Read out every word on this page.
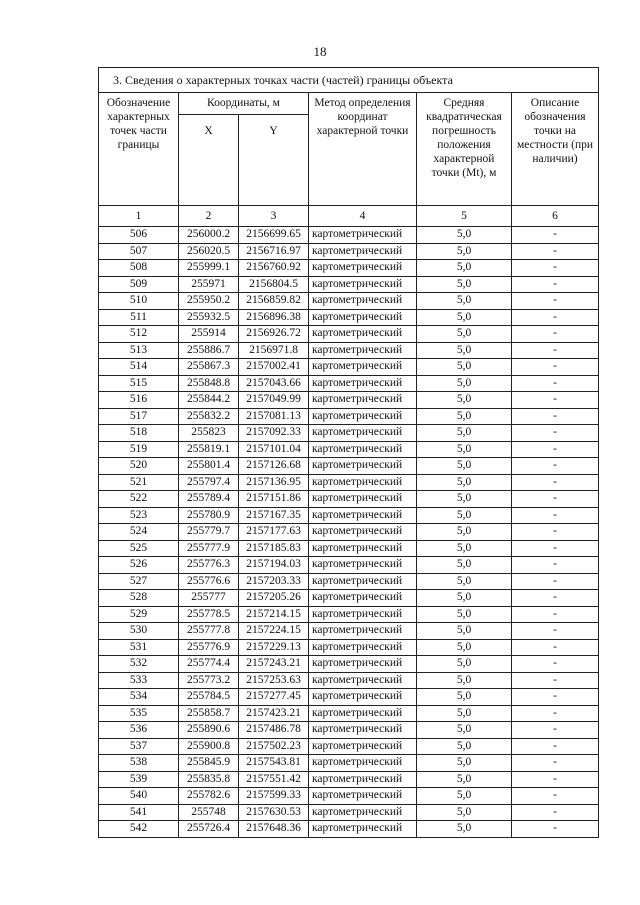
18
3. Сведения о характерных точках части (частей) границы объекта					
Обозначение характерных точек части границы	Координаты, м		Метод определения координат характерной точки	Средняя квадратическая погрешность положения характерной точки (Mt), м	Описание обозначения точки на местности (при наличии)
	X	Y			
1	2	3	4	5	6
506	256000.2	2156699.65	картометрический	5,0	-
507	256020.5	2156716.97	картометрический	5,0	-
508	255999.1	2156760.92	картометрический	5,0	-
509	255971	2156804.5	картометрический	5,0	-
510	255950.2	2156859.82	картометрический	5,0	-
511	255932.5	2156896.38	картометрический	5,0	-
512	255914	2156926.72	картометрический	5,0	-
513	255886.7	2156971.8	картометрический	5,0	-
514	255867.3	2157002.41	картометрический	5,0	-
515	255848.8	2157043.66	картометрический	5,0	-
516	255844.2	2157049.99	картометрический	5,0	-
517	255832.2	2157081.13	картометрический	5,0	-
518	255823	2157092.33	картометрический	5,0	-
519	255819.1	2157101.04	картометрический	5,0	-
520	255801.4	2157126.68	картометрический	5,0	-
521	255797.4	2157136.95	картометрический	5,0	-
522	255789.4	2157151.86	картометрический	5,0	-
523	255780.9	2157167.35	картометрический	5,0	-
524	255779.7	2157177.63	картометрический	5,0	-
525	255777.9	2157185.83	картометрический	5,0	-
526	255776.3	2157194.03	картометрический	5,0	-
527	255776.6	2157203.33	картометрический	5,0	-
528	255777	2157205.26	картометрический	5,0	-
529	255778.5	2157214.15	картометрический	5,0	-
530	255777.8	2157224.15	картометрический	5,0	-
531	255776.9	2157229.13	картометрический	5,0	-
532	255774.4	2157243.21	картометрический	5,0	-
533	255773.2	2157253.63	картометрический	5,0	-
534	255784.5	2157277.45	картометрический	5,0	-
535	255858.7	2157423.21	картометрический	5,0	-
536	255890.6	2157486.78	картометрический	5,0	-
537	255900.8	2157502.23	картометрический	5,0	-
538	255845.9	2157543.81	картометрический	5,0	-
539	255835.8	2157551.42	картометрический	5,0	-
540	255782.6	2157599.33	картометрический	5,0	-
541	255748	2157630.53	картометрический	5,0	-
542	255726.4	2157648.36	картометрический	5,0	-
